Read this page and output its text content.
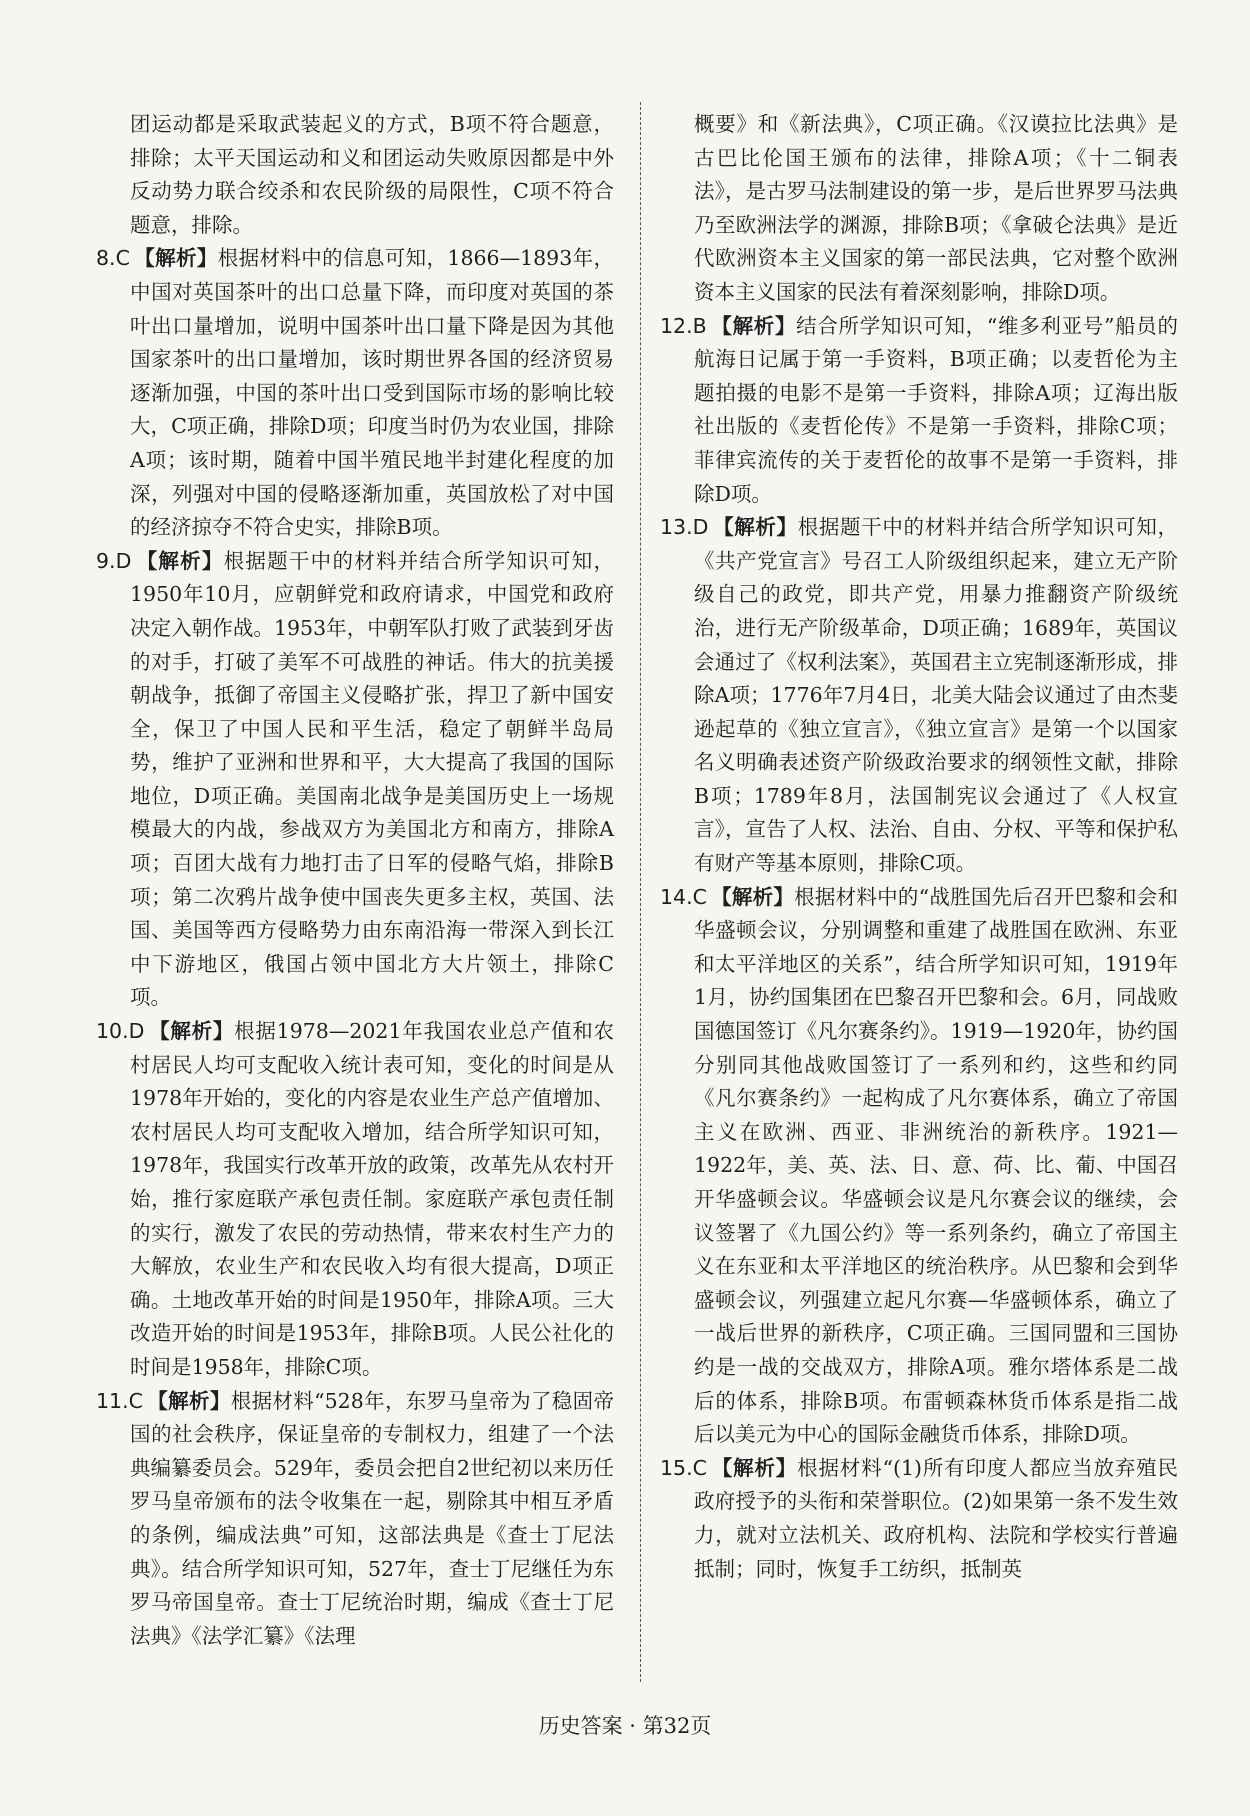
团运动都是采取武装起义的方式，B项不符合题意，排除；太平天国运动和义和团运动失败原因都是中外反动势力联合绞杀和农民阶级的局限性，C项不符合题意，排除。

8.C 【解析】根据材料中的信息可知，1866—1893年，中国对英国茶叶的出口总量下降，而印度对英国的茶叶出口量增加，说明中国茶叶出口量下降是因为其他国家茶叶的出口量增加，该时期世界各国的经济贸易逐渐加强，中国的茶叶出口受到国际市场的影响比较大，C项正确，排除D项；印度当时仍为农业国，排除A项；该时期，随着中国半殖民地半封建化程度的加深，列强对中国的侵略逐渐加重，英国放松了对中国的经济掠夺不符合史实，排除B项。

9.D 【解析】根据题干中的材料并结合所学知识可知，1950年10月，应朝鲜党和政府请求，中国党和政府决定入朝作战。1953年，中朝军队打败了武装到牙齿的对手，打破了美军不可战胜的神话。伟大的抗美援朝战争，抵御了帝国主义侵略扩张，捍卫了新中国安全，保卫了中国人民和平生活，稳定了朝鲜半岛局势，维护了亚洲和世界和平，大大提高了我国的国际地位，D项正确。美国南北战争是美国历史上一场规模最大的内战，参战双方为美国北方和南方，排除A项；百团大战有力地打击了日军的侵略气焰，排除B项；第二次鸦片战争使中国丧失更多主权，英国、法国、美国等西方侵略势力由东南沿海一带深入到长江中下游地区，俄国占领中国北方大片领土，排除C项。

10.D 【解析】根据1978—2021年我国农业总产值和农村居民人均可支配收入统计表可知，变化的时间是从1978年开始的，变化的内容是农业生产总产值增加、农村居民人均可支配收入增加，结合所学知识可知，1978年，我国实行改革开放的政策，改革先从农村开始，推行家庭联产承包责任制。家庭联产承包责任制的实行，激发了农民的劳动热情，带来农村生产力的大解放，农业生产和农民收入均有很大提高，D项正确。土地改革开始的时间是1950年，排除A项。三大改造开始的时间是1953年，排除B项。人民公社化的时间是1958年，排除C项。

11.C 【解析】根据材料“528年，东罗马皇帝为了稳固帝国的社会秩序，保证皇帝的专制权力，组建了一个法典编纂委员会。529年，委员会把自2世纪初以来历任罗马皇帝颁布的法令收集在一起，剔除其中相互矛盾的条例，编成法典”可知，这部法典是《查士丁尼法典》。结合所学知识可知，527年，查士丁尼继任为东罗马帝国皇帝。查士丁尼统治时期，编成《查士丁尼法典》《法学汇纂》《法理

概要》和《新法典》，C项正确。《汉谟拉比法典》是古巴比伦国王颁布的法律，排除A项；《十二铜表法》，是古罗马法制建设的第一步，是后世界罗马法典乃至欧洲法学的渊源，排除B项；《拿破仑法典》是近代欧洲资本主义国家的第一部民法典，它对整个欧洲资本主义国家的民法有着深刻影响，排除D项。

12.B 【解析】结合所学知识可知，“维多利亚号”船员的航海日记属于第一手资料，B项正确；以麦哲伦为主题拍摄的电影不是第一手资料，排除A项；辽海出版社出版的《麦哲伦传》不是第一手资料，排除C项；菲律宾流传的关于麦哲伦的故事不是第一手资料，排除D项。

13.D 【解析】根据题干中的材料并结合所学知识可知，《共产党宣言》号召工人阶级组织起来，建立无产阶级自己的政党，即共产党，用暴力推翻资产阶级统治，进行无产阶级革命，D项正确；1689年，英国议会通过了《权利法案》，英国君主立宪制逐渐形成，排除A项；1776年7月4日，北美大陆会议通过了由杰斐逊起草的《独立宣言》，《独立宣言》是第一个以国家名义明确表述资产阶级政治要求的纲领性文献，排除B项；1789年8月，法国制宪议会通过了《人权宣言》，宣告了人权、法治、自由、分权、平等和保护私有财产等基本原则，排除C项。

14.C 【解析】根据材料中的“战胜国先后召开巴黎和会和华盛顿会议，分别调整和重建了战胜国在欧洲、东亚和太平洋地区的关系”，结合所学知识可知，1919年1月，协约国集团在巴黎召开巴黎和会。6月，同战败国德国签订《凡尔赛条约》。1919—1920年，协约国分别同其他战败国签订了一系列和约，这些和约同《凡尔赛条约》一起构成了凡尔赛体系，确立了帝国主义在欧洲、西亚、非洲统治的新秩序。1921—1922年，美、英、法、日、意、荷、比、葡、中国召开华盛顿会议。华盛顿会议是凡尔赛会议的继续，会议签署了《九国公约》等一系列条约，确立了帝国主义在东亚和太平洋地区的统治秩序。从巴黎和会到华盛顿会议，列强建立起凡尔赛—华盛顿体系，确立了一战后世界的新秩序，C项正确。三国同盟和三国协约是一战的交战双方，排除A项。雅尔塔体系是二战后的体系，排除B项。布雷顿森林货币体系是指二战后以美元为中心的国际金融货币体系，排除D项。

15.C 【解析】根据材料“(1)所有印度人都应当放弃殖民政府授予的头衔和荣誉职位。(2)如果第一条不发生效力，就对立法机关、政府机构、法院和学校实行普遍抵制；同时，恢复手工纺织，抵制英

历史答案 · 第32页
